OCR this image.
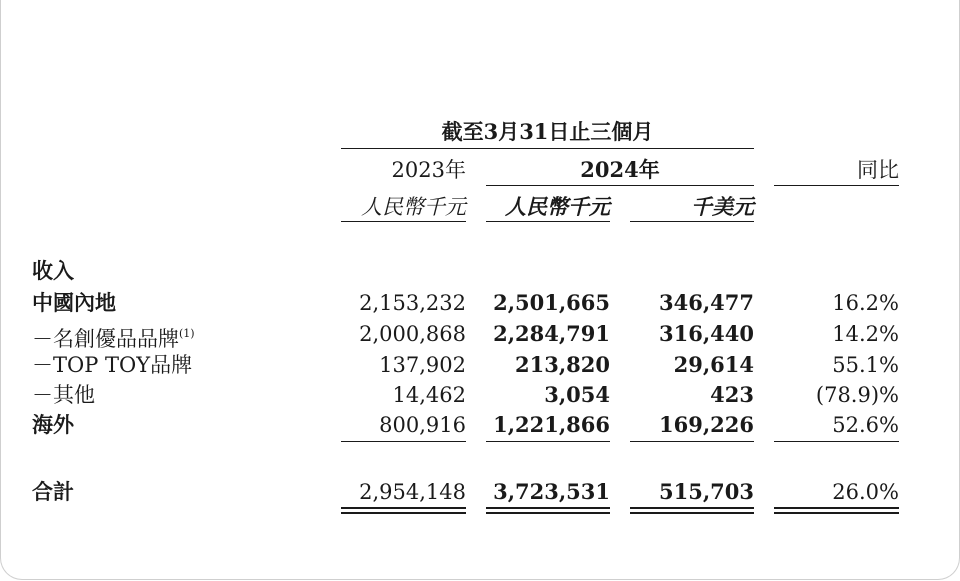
截至3月31日止三個月
2023年	2024年	同比
人民幣千元	人民幣千元	千美元
收入
中國內地	2,153,232	2,501,665	346,477	16.2%
－名創優品品牌$^{(1)}$	2,000,868	2,284,791	316,440	14.2%
－TOP TOY品牌	137,902	213,820	29,614	55.1%
－其他	14,462	3,054	423	(78.9)%
海外	800,916	1,221,866	169,226	52.6%
合計	2,954,148	3,723,531	515,703	26.0%
